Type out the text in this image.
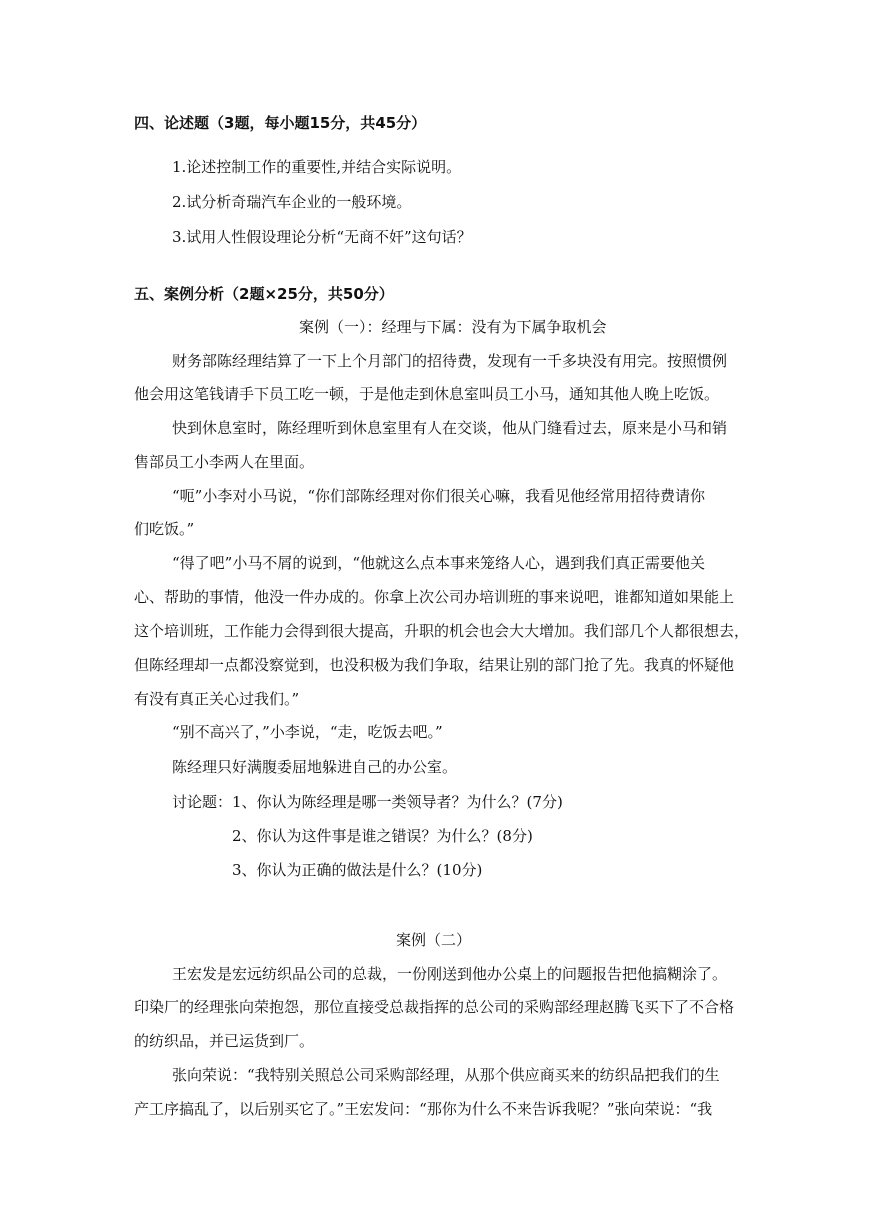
四、论述题（3题，每小题15分，共45分）
1.论述控制工作的重要性,并结合实际说明。
2.试分析奇瑞汽车企业的一般环境。
3.试用人性假设理论分析“无商不奸”这句话？
五、案例分析（2题×25分，共50分）
案例（一）：经理与下属：没有为下属争取机会
财务部陈经理结算了一下上个月部门的招待费，发现有一千多块没有用完。按照惯例
他会用这笔钱请手下员工吃一顿，于是他走到休息室叫员工小马，通知其他人晚上吃饭。
快到休息室时，陈经理听到休息室里有人在交谈，他从门缝看过去，原来是小马和销
售部员工小李两人在里面。
“呃”小李对小马说，“你们部陈经理对你们很关心嘛，我看见他经常用招待费请你
们吃饭。”
“得了吧”小马不屑的说到，“他就这么点本事来笼络人心，遇到我们真正需要他关
心、帮助的事情，他没一件办成的。你拿上次公司办培训班的事来说吧，谁都知道如果能上
这个培训班，工作能力会得到很大提高，升职的机会也会大大增加。我们部几个人都很想去，
但陈经理却一点都没察觉到，也没积极为我们争取，结果让别的部门抢了先。我真的怀疑他
有没有真正关心过我们。”
“别不高兴了，”小李说，“走，吃饭去吧。”
陈经理只好满腹委屈地躲进自己的办公室。
讨论题：1、你认为陈经理是哪一类领导者？为什么？(7分)
2、你认为这件事是谁之错误？为什么？(8分)
3、你认为正确的做法是什么？(10分)
案例（二）
王宏发是宏远纺织品公司的总裁，一份刚送到他办公桌上的问题报告把他搞糊涂了。
印染厂的经理张向荣抱怨，那位直接受总裁指挥的总公司的采购部经理赵腾飞买下了不合格
的纺织品，并已运货到厂。
张向荣说：“我特别关照总公司采购部经理，从那个供应商买来的纺织品把我们的生
产工序搞乱了，以后别买它了。”王宏发问：“那你为什么不来告诉我呢？”张向荣说：“我
